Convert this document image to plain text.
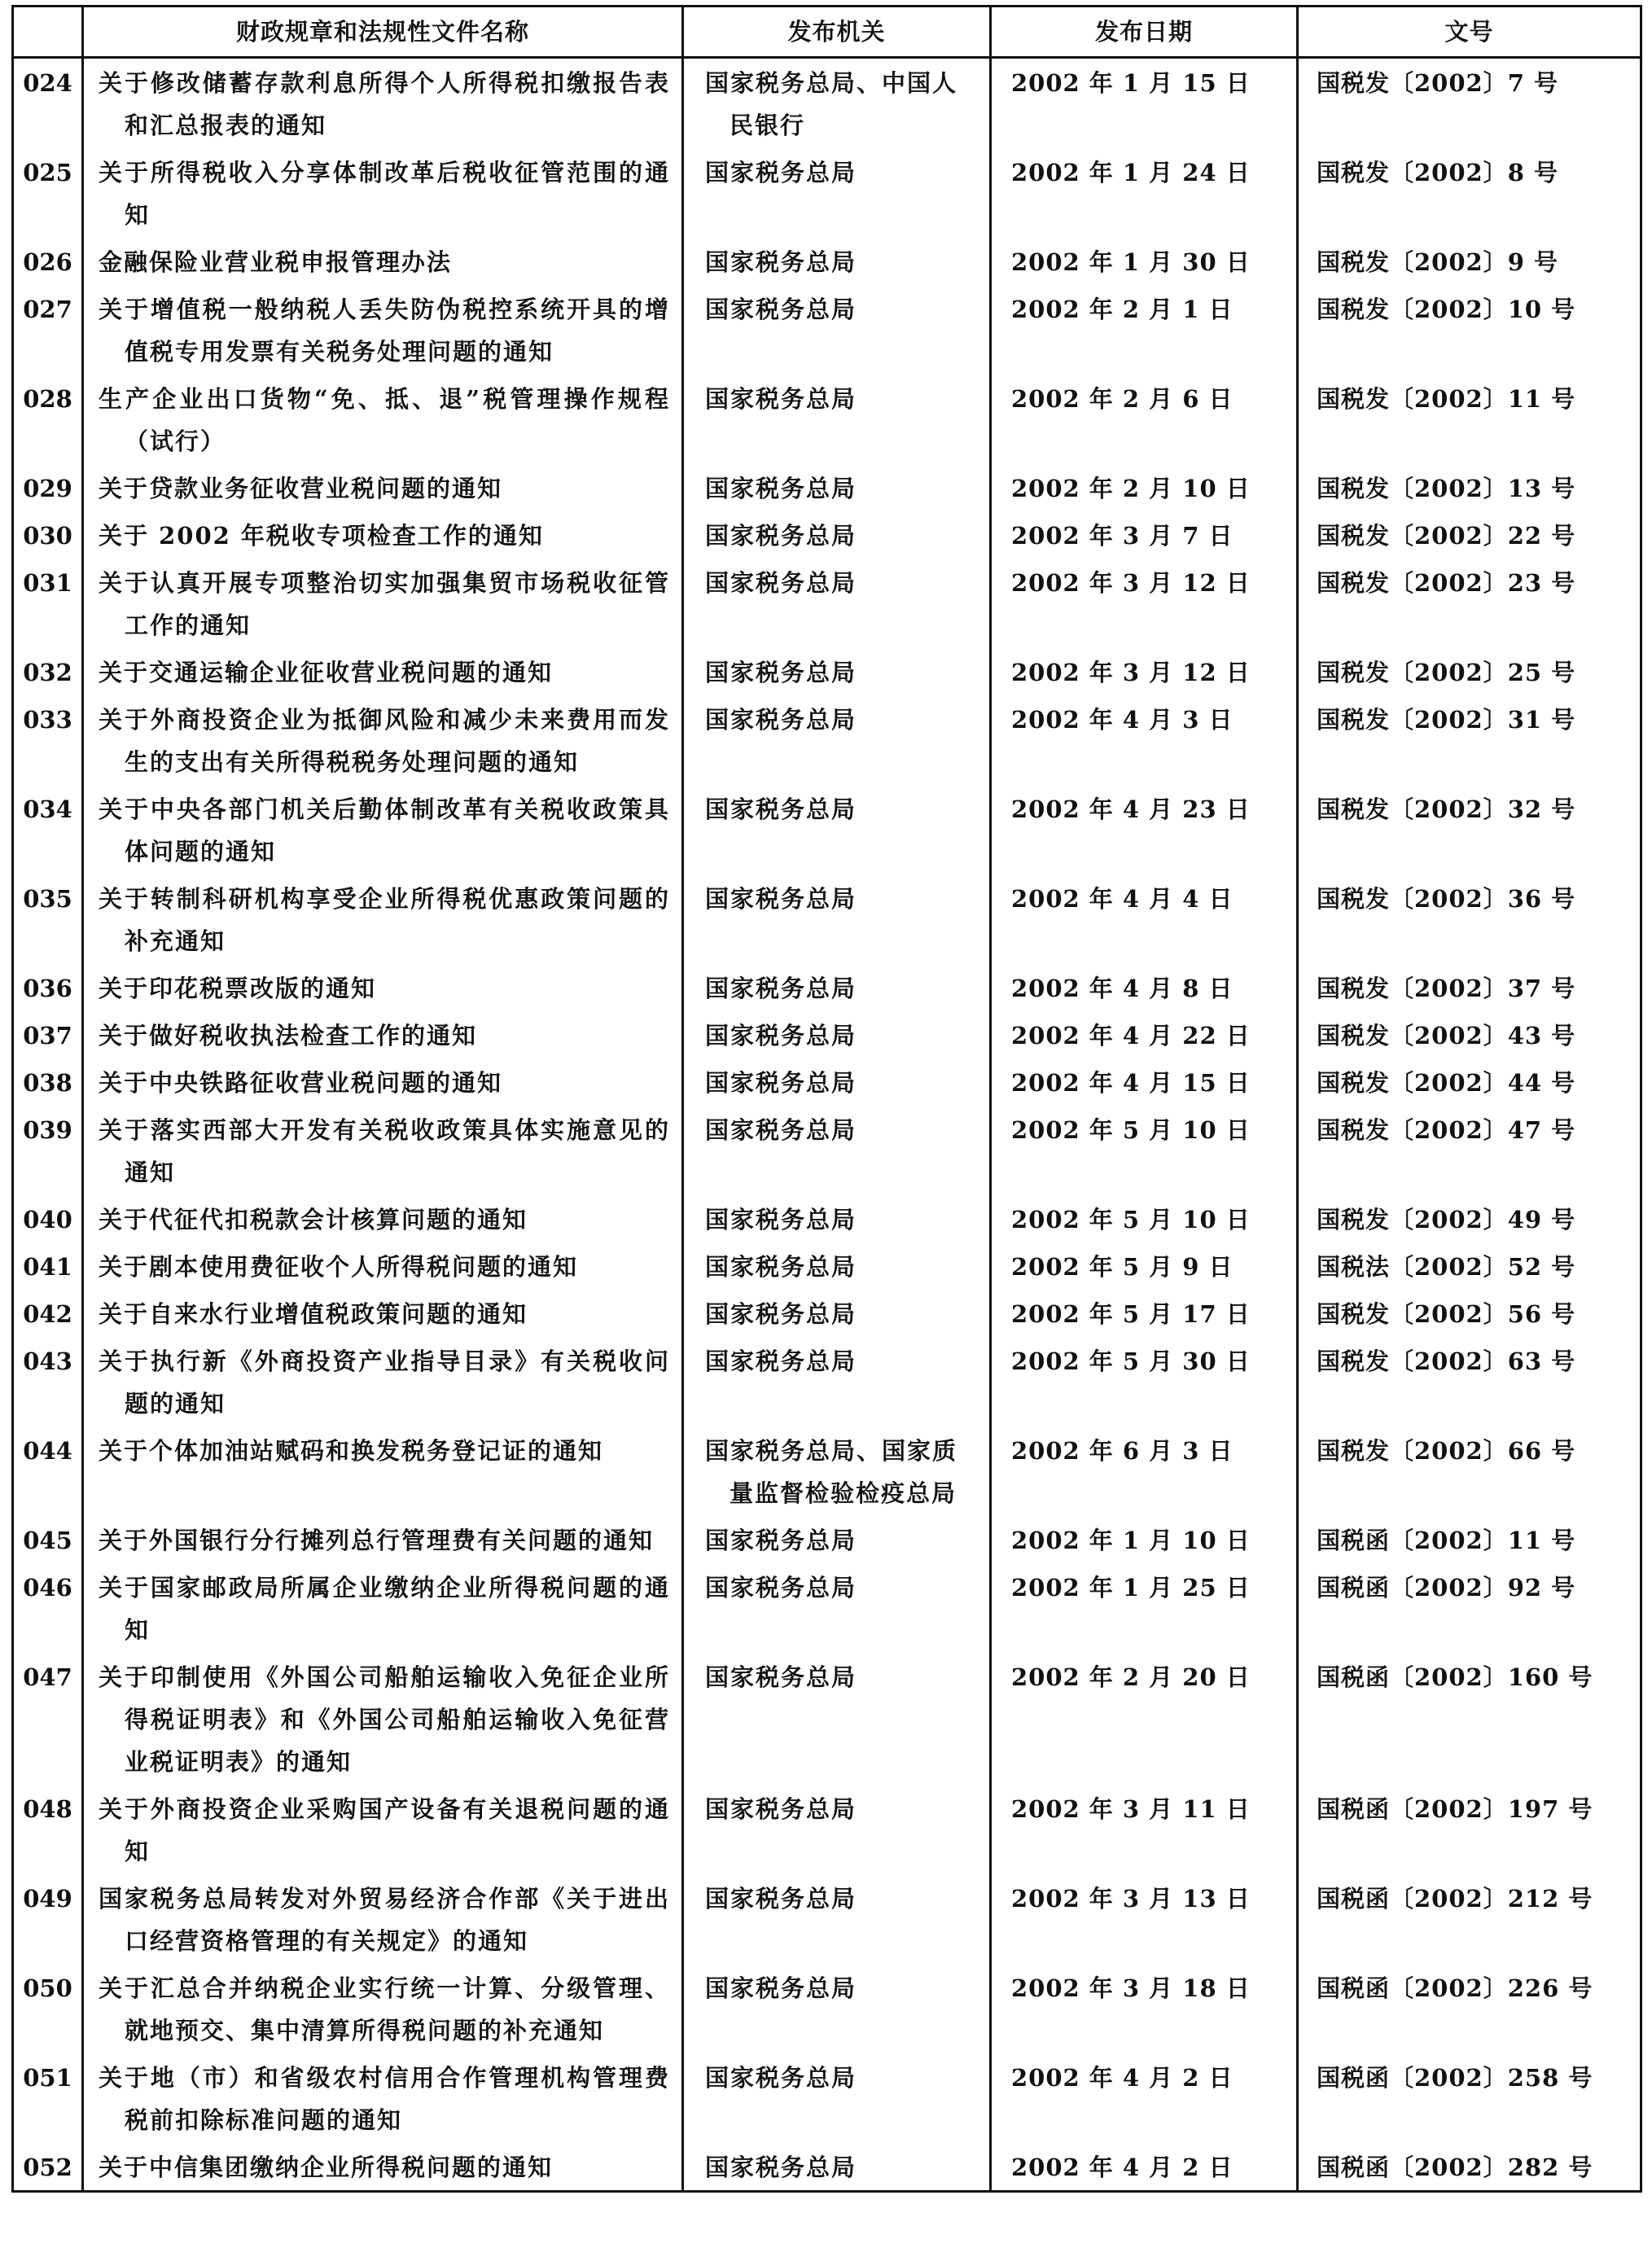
	财政规章和法规性文件名称	发布机关	发布日期	文号
024	关于修改储蓄存款利息所得个人所得税扣缴报告表和汇总报表的通知	国家税务总局、中国人民银行	2002 年 1 月 15 日	国税发〔2002〕7 号
025	关于所得税收入分享体制改革后税收征管范围的通知	国家税务总局	2002 年 1 月 24 日	国税发〔2002〕8 号
026	金融保险业营业税申报管理办法	国家税务总局	2002 年 1 月 30 日	国税发〔2002〕9 号
027	关于增值税一般纳税人丢失防伪税控系统开具的增值税专用发票有关税务处理问题的通知	国家税务总局	2002 年 2 月 1 日	国税发〔2002〕10 号
028	生产企业出口货物“免、抵、退”税管理操作规程（试行）	国家税务总局	2002 年 2 月 6 日	国税发〔2002〕11 号
029	关于贷款业务征收营业税问题的通知	国家税务总局	2002 年 2 月 10 日	国税发〔2002〕13 号
030	关于 2002 年税收专项检查工作的通知	国家税务总局	2002 年 3 月 7 日	国税发〔2002〕22 号
031	关于认真开展专项整治切实加强集贸市场税收征管工作的通知	国家税务总局	2002 年 3 月 12 日	国税发〔2002〕23 号
032	关于交通运输企业征收营业税问题的通知	国家税务总局	2002 年 3 月 12 日	国税发〔2002〕25 号
033	关于外商投资企业为抵御风险和减少未来费用而发生的支出有关所得税税务处理问题的通知	国家税务总局	2002 年 4 月 3 日	国税发〔2002〕31 号
034	关于中央各部门机关后勤体制改革有关税收政策具体问题的通知	国家税务总局	2002 年 4 月 23 日	国税发〔2002〕32 号
035	关于转制科研机构享受企业所得税优惠政策问题的补充通知	国家税务总局	2002 年 4 月 4 日	国税发〔2002〕36 号
036	关于印花税票改版的通知	国家税务总局	2002 年 4 月 8 日	国税发〔2002〕37 号
037	关于做好税收执法检查工作的通知	国家税务总局	2002 年 4 月 22 日	国税发〔2002〕43 号
038	关于中央铁路征收营业税问题的通知	国家税务总局	2002 年 4 月 15 日	国税发〔2002〕44 号
039	关于落实西部大开发有关税收政策具体实施意见的通知	国家税务总局	2002 年 5 月 10 日	国税发〔2002〕47 号
040	关于代征代扣税款会计核算问题的通知	国家税务总局	2002 年 5 月 10 日	国税发〔2002〕49 号
041	关于剧本使用费征收个人所得税问题的通知	国家税务总局	2002 年 5 月 9 日	国税法〔2002〕52 号
042	关于自来水行业增值税政策问题的通知	国家税务总局	2002 年 5 月 17 日	国税发〔2002〕56 号
043	关于执行新《外商投资产业指导目录》有关税收问题的通知	国家税务总局	2002 年 5 月 30 日	国税发〔2002〕63 号
044	关于个体加油站赋码和换发税务登记证的通知	国家税务总局、国家质量监督检验检疫总局	2002 年 6 月 3 日	国税发〔2002〕66 号
045	关于外国银行分行摊列总行管理费有关问题的通知	国家税务总局	2002 年 1 月 10 日	国税函〔2002〕11 号
046	关于国家邮政局所属企业缴纳企业所得税问题的通知	国家税务总局	2002 年 1 月 25 日	国税函〔2002〕92 号
047	关于印制使用《外国公司船舶运输收入免征企业所得税证明表》和《外国公司船舶运输收入免征营业税证明表》的通知	国家税务总局	2002 年 2 月 20 日	国税函〔2002〕160 号
048	关于外商投资企业采购国产设备有关退税问题的通知	国家税务总局	2002 年 3 月 11 日	国税函〔2002〕197 号
049	国家税务总局转发对外贸易经济合作部《关于进出口经营资格管理的有关规定》的通知	国家税务总局	2002 年 3 月 13 日	国税函〔2002〕212 号
050	关于汇总合并纳税企业实行统一计算、分级管理、就地预交、集中清算所得税问题的补充通知	国家税务总局	2002 年 3 月 18 日	国税函〔2002〕226 号
051	关于地（市）和省级农村信用合作管理机构管理费税前扣除标准问题的通知	国家税务总局	2002 年 4 月 2 日	国税函〔2002〕258 号
052	关于中信集团缴纳企业所得税问题的通知	国家税务总局	2002 年 4 月 2 日	国税函〔2002〕282 号
